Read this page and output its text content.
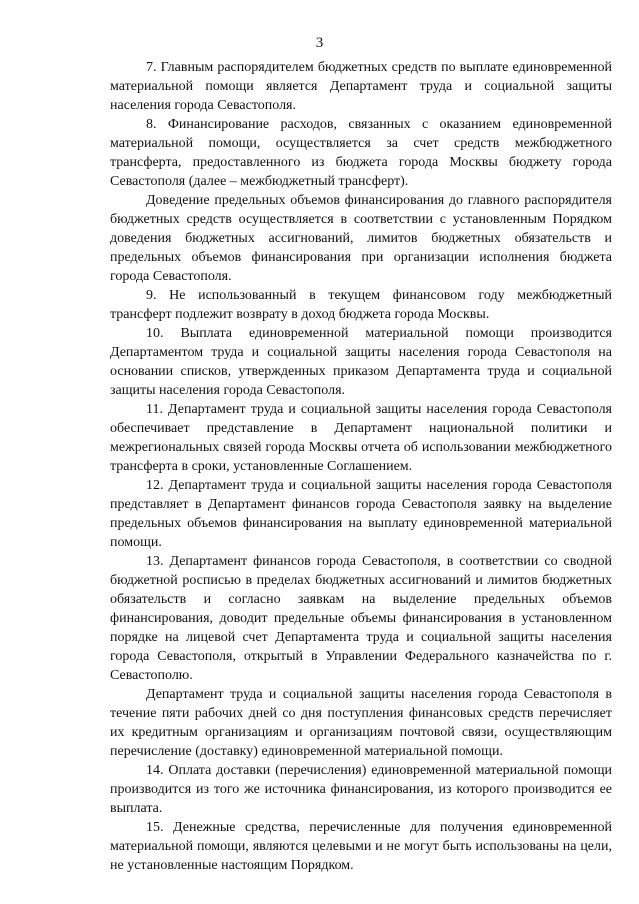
3

7. Главным распорядителем бюджетных средств по выплате единовременной материальной помощи является Департамент труда и социальной защиты населения города Севастополя.

8. Финансирование расходов, связанных с оказанием единовременной материальной помощи, осуществляется за счет средств межбюджетного трансферта, предоставленного из бюджета города Москвы бюджету города Севастополя (далее – межбюджетный трансферт).

Доведение предельных объемов финансирования до главного распорядителя бюджетных средств осуществляется в соответствии с установленным Порядком доведения бюджетных ассигнований, лимитов бюджетных обязательств и предельных объемов финансирования при организации исполнения бюджета города Севастополя.

9. Не использованный в текущем финансовом году межбюджетный трансферт подлежит возврату в доход бюджета города Москвы.

10. Выплата единовременной материальной помощи производится Департаментом труда и социальной защиты населения города Севастополя на основании списков, утвержденных приказом Департамента труда и социальной защиты населения города Севастополя.

11. Департамент труда и социальной защиты населения города Севастополя обеспечивает представление в Департамент национальной политики и межрегиональных связей города Москвы отчета об использовании межбюджетного трансферта в сроки, установленные Соглашением.

12. Департамент труда и социальной защиты населения города Севастополя представляет в Департамент финансов города Севастополя заявку на выделение предельных объемов финансирования на выплату единовременной материальной помощи.

13. Департамент финансов города Севастополя, в соответствии со сводной бюджетной росписью в пределах бюджетных ассигнований и лимитов бюджетных обязательств и согласно заявкам на выделение предельных объемов финансирования, доводит предельные объемы финансирования в установленном порядке на лицевой счет Департамента труда и социальной защиты населения города Севастополя, открытый в Управлении Федерального казначейства по г. Севастополю.

Департамент труда и социальной защиты населения города Севастополя в течение пяти рабочих дней со дня поступления финансовых средств перечисляет их кредитным организациям и организациям почтовой связи, осуществляющим перечисление (доставку) единовременной материальной помощи.

14. Оплата доставки (перечисления) единовременной материальной помощи производится из того же источника финансирования, из которого производится ее выплата.

15. Денежные средства, перечисленные для получения единовременной материальной помощи, являются целевыми и не могут быть использованы на цели, не установленные настоящим Порядком.
